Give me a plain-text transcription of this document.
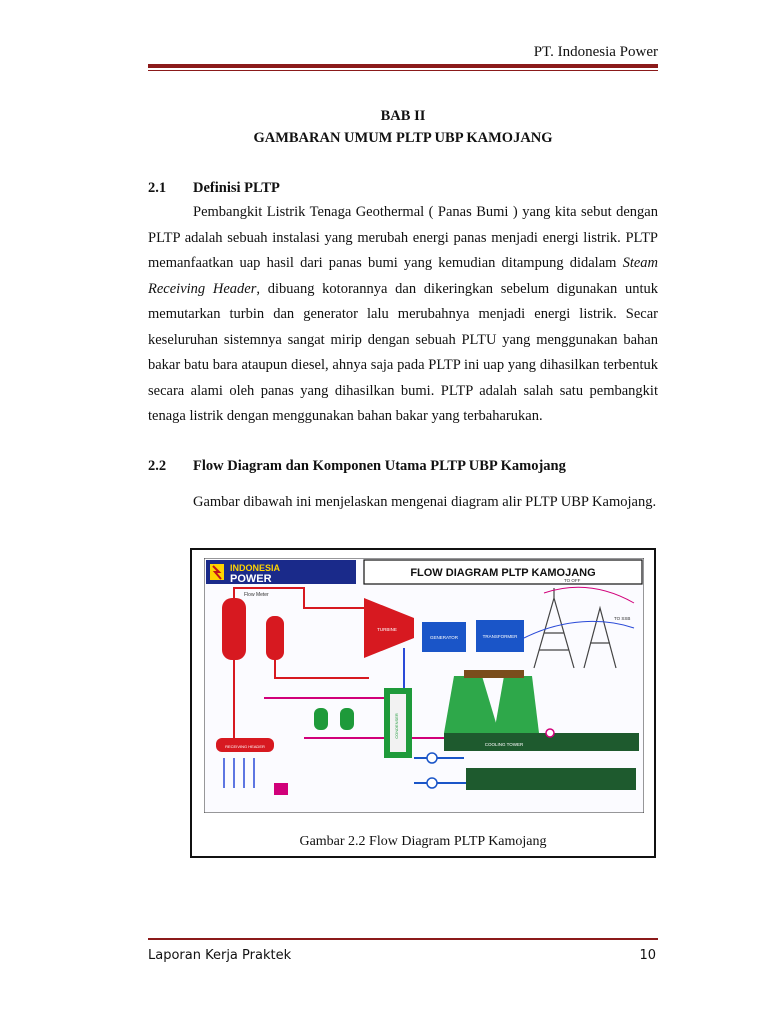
PT. Indonesia Power
BAB II
GAMBARAN UMUM PLTP UBP KAMOJANG
2.1 Definisi PLTP
Pembangkit Listrik Tenaga Geothermal ( Panas Bumi ) yang kita sebut dengan PLTP adalah sebuah instalasi yang merubah energi panas menjadi energi listrik. PLTP memanfaatkan uap hasil dari panas bumi yang kemudian ditampung didalam Steam Receiving Header, dibuang kotorannya dan dikeringkan sebelum digunakan untuk memutarkan turbin dan generator lalu merubahnya menjadi energi listrik. Secar keseluruhan sistemnya sangat mirip dengan sebuah PLTU yang menggunakan bahan bakar batu bara ataupun diesel, ahnya saja pada PLTP ini uap yang dihasilkan terbentuk secara alami oleh panas yang dihasilkan bumi. PLTP adalah salah satu pembangkit tenaga listrik dengan menggunakan bahan bakar yang terbaharukan.
2.2 Flow Diagram dan Komponen Utama PLTP UBP Kamojang
Gambar dibawah ini menjelaskan mengenai diagram alir PLTP UBP Kamojang.
INDONESIA
POWER	FLOW DIAGRAM PLTP KAMOJANG
Flow Meter
RECEIVING HEADER
TURBINE
GENERATOR	TRANSFORMER
TO OFF
TO SSB
CONDENSER
COOLING TOWER
Gambar 2.2 Flow Diagram PLTP Kamojang
Laporan Kerja Praktek	10
